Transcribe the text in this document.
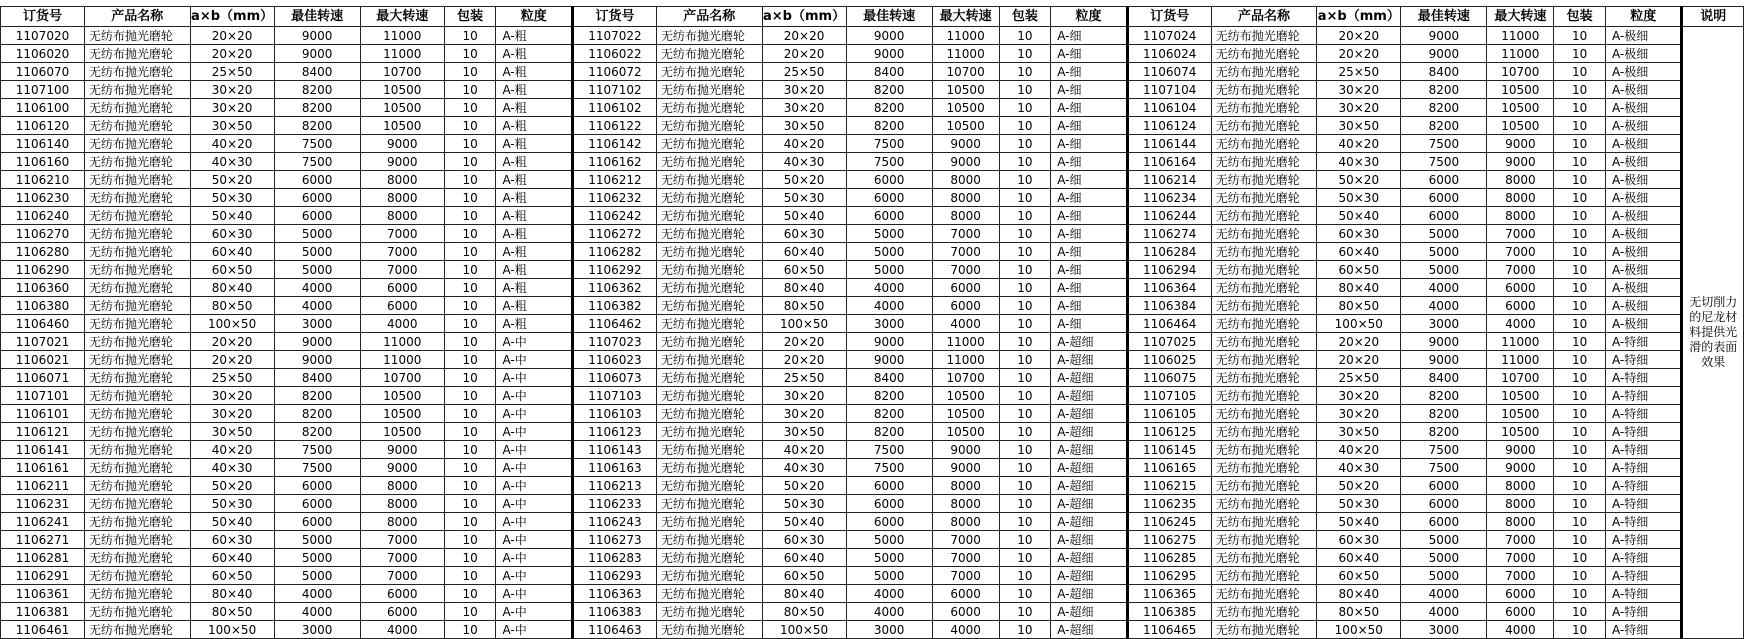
订货号	产品名称	a×b（mm）	最佳转速	最大转速	包装	粒度	订货号	产品名称	a×b（mm）	最佳转速	最大转速	包装	粒度	订货号	产品名称	a×b（mm）	最佳转速	最大转速	包装	粒度	说明
1107020	无纺布抛光磨轮	20×20	9000	11000	10	A-粗	1107022	无纺布抛光磨轮	20×20	9000	11000	10	A-细	1107024	无纺布抛光磨轮	20×20	9000	11000	10	A-极细	无切削力的尼龙材料提供光滑的表面效果
1106020	无纺布抛光磨轮	20×20	9000	11000	10	A-粗	1106022	无纺布抛光磨轮	20×20	9000	11000	10	A-细	1106024	无纺布抛光磨轮	20×20	9000	11000	10	A-极细	
1106070	无纺布抛光磨轮	25×50	8400	10700	10	A-粗	1106072	无纺布抛光磨轮	25×50	8400	10700	10	A-细	1106074	无纺布抛光磨轮	25×50	8400	10700	10	A-极细	
1107100	无纺布抛光磨轮	30×20	8200	10500	10	A-粗	1107102	无纺布抛光磨轮	30×20	8200	10500	10	A-细	1107104	无纺布抛光磨轮	30×20	8200	10500	10	A-极细	
1106100	无纺布抛光磨轮	30×20	8200	10500	10	A-粗	1106102	无纺布抛光磨轮	30×20	8200	10500	10	A-细	1106104	无纺布抛光磨轮	30×20	8200	10500	10	A-极细	
1106120	无纺布抛光磨轮	30×50	8200	10500	10	A-粗	1106122	无纺布抛光磨轮	30×50	8200	10500	10	A-细	1106124	无纺布抛光磨轮	30×50	8200	10500	10	A-极细	
1106140	无纺布抛光磨轮	40×20	7500	9000	10	A-粗	1106142	无纺布抛光磨轮	40×20	7500	9000	10	A-细	1106144	无纺布抛光磨轮	40×20	7500	9000	10	A-极细	
1106160	无纺布抛光磨轮	40×30	7500	9000	10	A-粗	1106162	无纺布抛光磨轮	40×30	7500	9000	10	A-细	1106164	无纺布抛光磨轮	40×30	7500	9000	10	A-极细	
1106210	无纺布抛光磨轮	50×20	6000	8000	10	A-粗	1106212	无纺布抛光磨轮	50×20	6000	8000	10	A-细	1106214	无纺布抛光磨轮	50×20	6000	8000	10	A-极细	
1106230	无纺布抛光磨轮	50×30	6000	8000	10	A-粗	1106232	无纺布抛光磨轮	50×30	6000	8000	10	A-细	1106234	无纺布抛光磨轮	50×30	6000	8000	10	A-极细	
1106240	无纺布抛光磨轮	50×40	6000	8000	10	A-粗	1106242	无纺布抛光磨轮	50×40	6000	8000	10	A-细	1106244	无纺布抛光磨轮	50×40	6000	8000	10	A-极细	
1106270	无纺布抛光磨轮	60×30	5000	7000	10	A-粗	1106272	无纺布抛光磨轮	60×30	5000	7000	10	A-细	1106274	无纺布抛光磨轮	60×30	5000	7000	10	A-极细	
1106280	无纺布抛光磨轮	60×40	5000	7000	10	A-粗	1106282	无纺布抛光磨轮	60×40	5000	7000	10	A-细	1106284	无纺布抛光磨轮	60×40	5000	7000	10	A-极细	
1106290	无纺布抛光磨轮	60×50	5000	7000	10	A-粗	1106292	无纺布抛光磨轮	60×50	5000	7000	10	A-细	1106294	无纺布抛光磨轮	60×50	5000	7000	10	A-极细	
1106360	无纺布抛光磨轮	80×40	4000	6000	10	A-粗	1106362	无纺布抛光磨轮	80×40	4000	6000	10	A-细	1106364	无纺布抛光磨轮	80×40	4000	6000	10	A-极细	
1106380	无纺布抛光磨轮	80×50	4000	6000	10	A-粗	1106382	无纺布抛光磨轮	80×50	4000	6000	10	A-细	1106384	无纺布抛光磨轮	80×50	4000	6000	10	A-极细	
1106460	无纺布抛光磨轮	100×50	3000	4000	10	A-粗	1106462	无纺布抛光磨轮	100×50	3000	4000	10	A-细	1106464	无纺布抛光磨轮	100×50	3000	4000	10	A-极细	
1107021	无纺布抛光磨轮	20×20	9000	11000	10	A-中	1107023	无纺布抛光磨轮	20×20	9000	11000	10	A-超细	1107025	无纺布抛光磨轮	20×20	9000	11000	10	A-特细	
1106021	无纺布抛光磨轮	20×20	9000	11000	10	A-中	1106023	无纺布抛光磨轮	20×20	9000	11000	10	A-超细	1106025	无纺布抛光磨轮	20×20	9000	11000	10	A-特细	
1106071	无纺布抛光磨轮	25×50	8400	10700	10	A-中	1106073	无纺布抛光磨轮	25×50	8400	10700	10	A-超细	1106075	无纺布抛光磨轮	25×50	8400	10700	10	A-特细	
1107101	无纺布抛光磨轮	30×20	8200	10500	10	A-中	1107103	无纺布抛光磨轮	30×20	8200	10500	10	A-超细	1107105	无纺布抛光磨轮	30×20	8200	10500	10	A-特细	
1106101	无纺布抛光磨轮	30×20	8200	10500	10	A-中	1106103	无纺布抛光磨轮	30×20	8200	10500	10	A-超细	1106105	无纺布抛光磨轮	30×20	8200	10500	10	A-特细	
1106121	无纺布抛光磨轮	30×50	8200	10500	10	A-中	1106123	无纺布抛光磨轮	30×50	8200	10500	10	A-超细	1106125	无纺布抛光磨轮	30×50	8200	10500	10	A-特细	
1106141	无纺布抛光磨轮	40×20	7500	9000	10	A-中	1106143	无纺布抛光磨轮	40×20	7500	9000	10	A-超细	1106145	无纺布抛光磨轮	40×20	7500	9000	10	A-特细	
1106161	无纺布抛光磨轮	40×30	7500	9000	10	A-中	1106163	无纺布抛光磨轮	40×30	7500	9000	10	A-超细	1106165	无纺布抛光磨轮	40×30	7500	9000	10	A-特细	
1106211	无纺布抛光磨轮	50×20	6000	8000	10	A-中	1106213	无纺布抛光磨轮	50×20	6000	8000	10	A-超细	1106215	无纺布抛光磨轮	50×20	6000	8000	10	A-特细	
1106231	无纺布抛光磨轮	50×30	6000	8000	10	A-中	1106233	无纺布抛光磨轮	50×30	6000	8000	10	A-超细	1106235	无纺布抛光磨轮	50×30	6000	8000	10	A-特细	
1106241	无纺布抛光磨轮	50×40	6000	8000	10	A-中	1106243	无纺布抛光磨轮	50×40	6000	8000	10	A-超细	1106245	无纺布抛光磨轮	50×40	6000	8000	10	A-特细	
1106271	无纺布抛光磨轮	60×30	5000	7000	10	A-中	1106273	无纺布抛光磨轮	60×30	5000	7000	10	A-超细	1106275	无纺布抛光磨轮	60×30	5000	7000	10	A-特细	
1106281	无纺布抛光磨轮	60×40	5000	7000	10	A-中	1106283	无纺布抛光磨轮	60×40	5000	7000	10	A-超细	1106285	无纺布抛光磨轮	60×40	5000	7000	10	A-特细	
1106291	无纺布抛光磨轮	60×50	5000	7000	10	A-中	1106293	无纺布抛光磨轮	60×50	5000	7000	10	A-超细	1106295	无纺布抛光磨轮	60×50	5000	7000	10	A-特细	
1106361	无纺布抛光磨轮	80×40	4000	6000	10	A-中	1106363	无纺布抛光磨轮	80×40	4000	6000	10	A-超细	1106365	无纺布抛光磨轮	80×40	4000	6000	10	A-特细	
1106381	无纺布抛光磨轮	80×50	4000	6000	10	A-中	1106383	无纺布抛光磨轮	80×50	4000	6000	10	A-超细	1106385	无纺布抛光磨轮	80×50	4000	6000	10	A-特细	
1106461	无纺布抛光磨轮	100×50	3000	4000	10	A-中	1106463	无纺布抛光磨轮	100×50	3000	4000	10	A-超细	1106465	无纺布抛光磨轮	100×50	3000	4000	10	A-特细	
